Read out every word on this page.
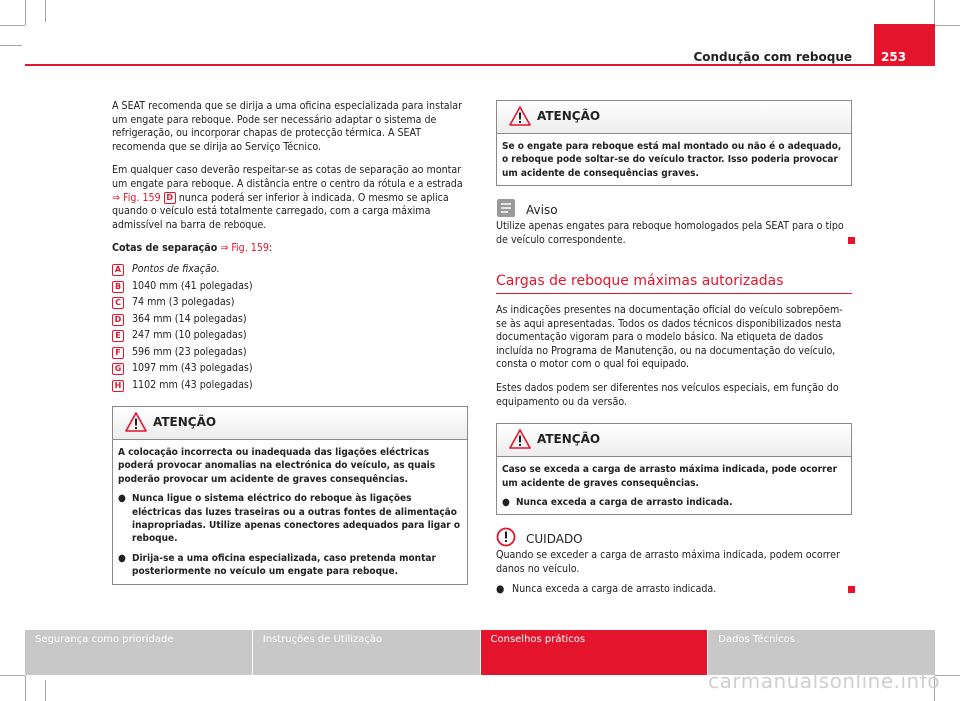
Condução com reboque 253

A SEAT recomenda que se dirija a uma oficina especializada para instalar um engate para reboque. Pode ser necessário adaptar o sistema de refrigeração, ou incorporar chapas de protecção térmica. A SEAT recomenda que se dirija ao Serviço Técnico.

Em qualquer caso deverão respeitar-se as cotas de separação ao montar um engate para reboque. A distância entre o centro da rótula e a estrada
⇒ Fig. 159 D nunca poderá ser inferior à indicada. O mesmo se aplica quando o veículo está totalmente carregado, com a carga máxima admissível na barra de reboque.

Cotas de separação ⇒ Fig. 159:

A Pontos de fixação.
B 1040 mm (41 polegadas)
C 74 mm (3 polegadas)
D 364 mm (14 polegadas)
E	247 mm (10 polegadas)
F	596 mm (23 polegadas)
G 1097 mm (43 polegadas)
H 1102 mm (43 polegadas)
ATENÇÃO

A colocação incorrecta ou inadequada das ligações eléctricas poderá provocar anomalias na electrónica do veículo, as quais poderão provocar um acidente de graves consequências.

● Nunca ligue o sistema eléctrico do reboque às ligações eléctricas das luzes traseiras ou a outras fontes de alimentação inapropriadas. Utilize apenas conectores adequados para ligar o reboque.

● Dirija-se a uma oficina especializada, caso pretenda montar posteriormente no veículo um engate para reboque.

ATENÇÃO

Se o engate para reboque está mal montado ou não é o adequado, o reboque pode soltar-se do veículo tractor. Isso poderia provocar um acidente de consequências graves.

Aviso

Utilize apenas engates para reboque homologados pela SEAT para o tipo de veículo correspondente.

Cargas de reboque máximas autorizadas

As indicações presentes na documentação oficial do veículo sobrepõem-se às aqui apresentadas. Todos os dados técnicos disponibilizados nesta documentação vigoram para o modelo básico. Na etiqueta de dados incluída no Programa de Manutenção, ou na documentação do veículo, consta o motor com o qual foi equipado.

Estes dados podem ser diferentes nos veículos especiais, em função do equipamento ou da versão.

ATENÇÃO

Caso se exceda a carga de arrasto máxima indicada, pode ocorrer um acidente de graves consequências.

● Nunca exceda a carga de arrasto indicada.

CUIDADO

Quando se exceder a carga de arrasto máxima indicada, podem ocorrer danos no veículo.

● Nunca exceda a carga de arrasto indicada.

Segurança como prioridade	Instruções de Utilização	Conselhos práticos	Dados Técnicos
carmanualsonline.info
